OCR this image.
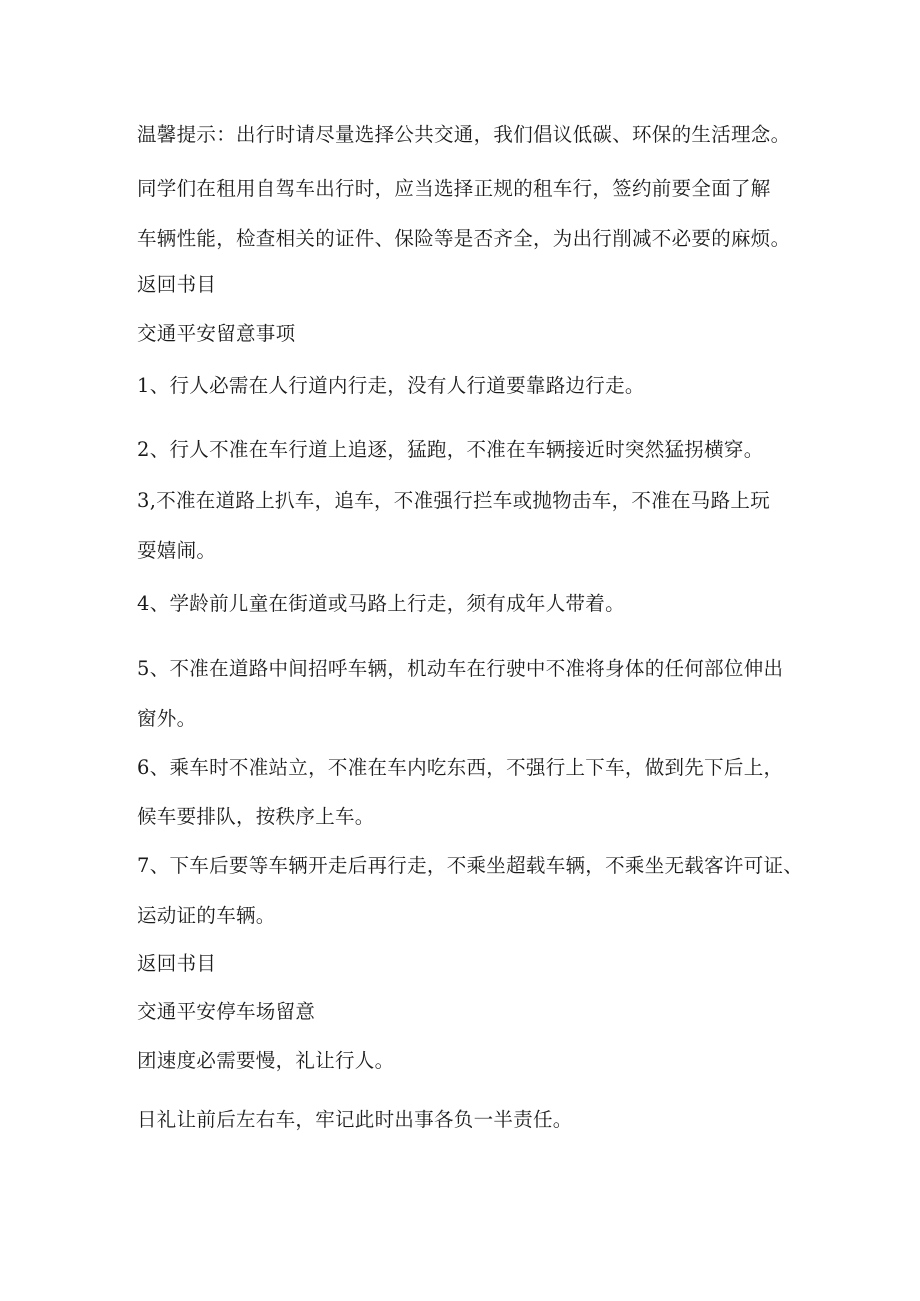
温馨提示：出行时请尽量选择公共交通，我们倡议低碳、环保的生活理念。
同学们在租用自驾车出行时，应当选择正规的租车行，签约前要全面了解
车辆性能，检查相关的证件、保险等是否齐全，为出行削减不必要的麻烦。
返回书目
交通平安留意事项
1、行人必需在人行道内行走，没有人行道要靠路边行走。
2、行人不准在车行道上追逐，猛跑，不准在车辆接近时突然猛拐横穿。
3,不准在道路上扒车，追车，不准强行拦车或抛物击车，不准在马路上玩
耍嬉闹。
4、学龄前儿童在街道或马路上行走，须有成年人带着。
5、不准在道路中间招呼车辆，机动车在行驶中不准将身体的任何部位伸出
窗外。
6、乘车时不准站立，不准在车内吃东西，不强行上下车，做到先下后上，
候车要排队，按秩序上车。
7、下车后要等车辆开走后再行走，不乘坐超载车辆，不乘坐无载客许可证、
运动证的车辆。
返回书目
交通平安停车场留意
团速度必需要慢，礼让行人。
日礼让前后左右车，牢记此时出事各负一半责任。
